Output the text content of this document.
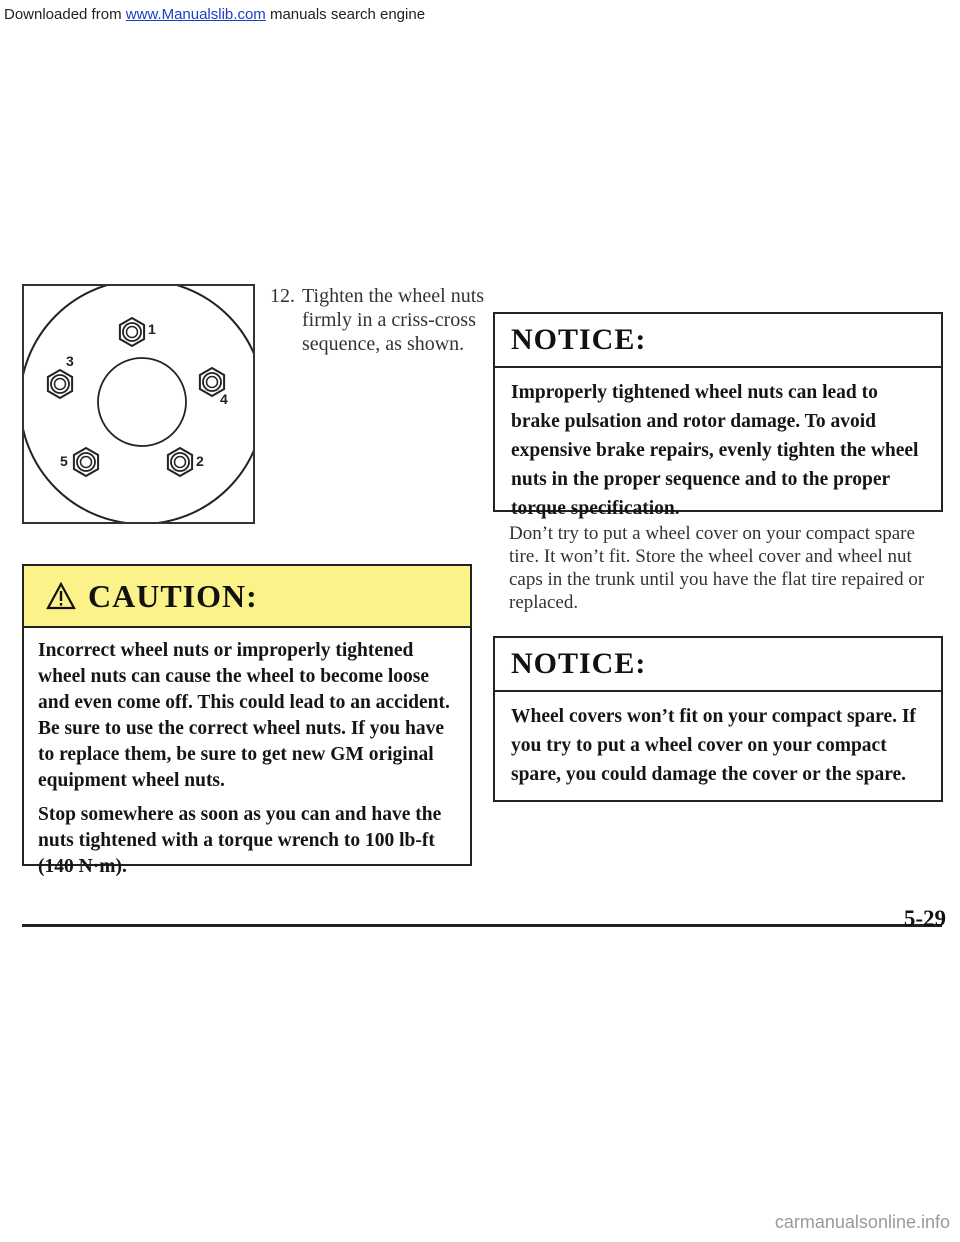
Downloaded from www.Manualslib.com manuals search engine
1
2
3
4
5
12. Tighten the wheel nuts firmly in a criss-cross sequence, as shown.
CAUTION:

Incorrect wheel nuts or improperly tightened wheel nuts can cause the wheel to become loose and even come off. This could lead to an accident. Be sure to use the correct wheel nuts. If you have to replace them, be sure to get new GM original equipment wheel nuts.

Stop somewhere as soon as you can and have the nuts tightened with a torque wrench to 100 lb-ft (140 N·m).

NOTICE:

Improperly tightened wheel nuts can lead to brake pulsation and rotor damage. To avoid expensive brake repairs, evenly tighten the wheel nuts in the proper sequence and to the proper torque specification.

Don’t try to put a wheel cover on your compact spare tire. It won’t fit. Store the wheel cover and wheel nut caps in the trunk until you have the flat tire repaired or replaced.

NOTICE:

Wheel covers won’t fit on your compact spare. If you try to put a wheel cover on your compact spare, you could damage the cover or the spare.

5-29
carmanualsonline.info
